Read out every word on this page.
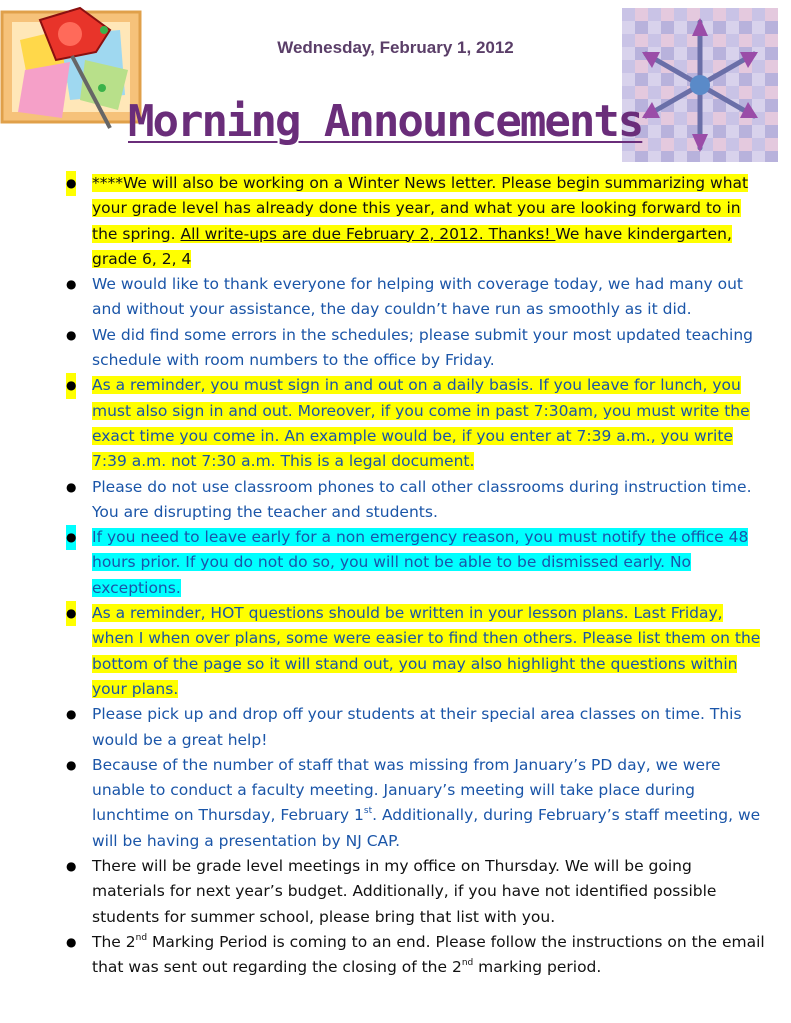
Wednesday, February 1, 2012
Morning Announcements
● ****We will also be working on a Winter News letter. Please begin summarizing what your grade level has already done this year, and what you are looking forward to in the spring. All write-ups are due February 2, 2012. Thanks! We have kindergarten, grade 6, 2, 4
● We would like to thank everyone for helping with coverage today, we had many out and without your assistance, the day couldn’t have run as smoothly as it did.
● We did find some errors in the schedules; please submit your most updated teaching schedule with room numbers to the office by Friday.
● As a reminder, you must sign in and out on a daily basis. If you leave for lunch, you must also sign in and out. Moreover, if you come in past 7:30am, you must write the exact time you come in. An example would be, if you enter at 7:39 a.m., you write 7:39 a.m. not 7:30 a.m. This is a legal document.
● Please do not use classroom phones to call other classrooms during instruction time. You are disrupting the teacher and students.
● If you need to leave early for a non emergency reason, you must notify the office 48 hours prior. If you do not do so, you will not be able to be dismissed early. No exceptions.
● As a reminder, HOT questions should be written in your lesson plans. Last Friday, when I when over plans, some were easier to find then others. Please list them on the bottom of the page so it will stand out, you may also highlight the questions within your plans.
● Please pick up and drop off your students at their special area classes on time. This would be a great help!
● Because of the number of staff that was missing from January’s PD day, we were unable to conduct a faculty meeting. January’s meeting will take place during lunchtime on Thursday, February 1st. Additionally, during February’s staff meeting, we will be having a presentation by NJ CAP.
● There will be grade level meetings in my office on Thursday. We will be going materials for next year’s budget. Additionally, if you have not identified possible students for summer school, please bring that list with you.
● The 2nd Marking Period is coming to an end. Please follow the instructions on the email that was sent out regarding the closing of the 2nd marking period.
